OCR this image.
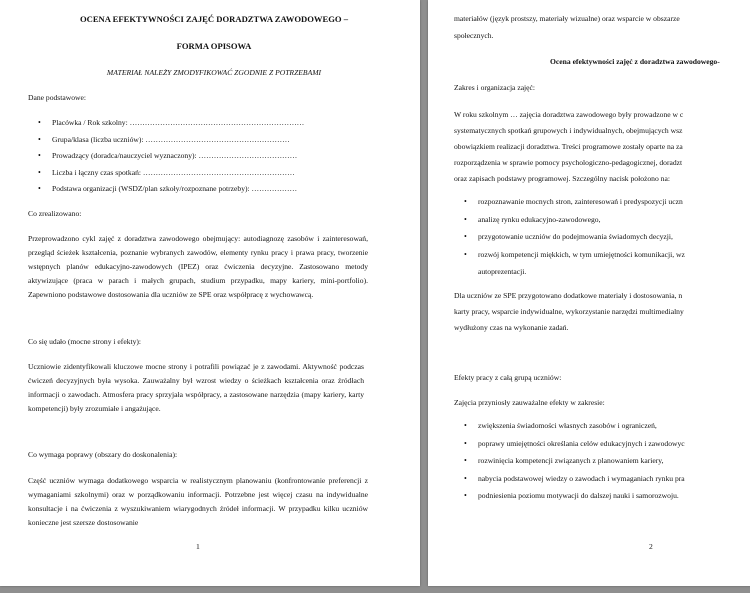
OCENA EFEKTYWNOŚCI ZAJĘĆ DORADZTWA ZAWODOWEGO –
FORMA OPISOWA
MATERIAŁ NALEŻY ZMODYFIKOWAĆ ZGODNIE Z POTRZEBAMI
Dane podstawowe:
• Placówka / Rok szkolny: ……………………………………………………………
• Grupa/klasa (liczba uczniów): …………………………………………………
• Prowadzący (doradca/nauczyciel wyznaczony): …………………………………
• Liczba i łączny czas spotkań: ……………………………………………………
• Podstawa organizacji (WSDZ/plan szkoły/rozpoznane potrzeby): ………………
Co zrealizowano:
Przeprowadzono cykl zajęć z doradztwa zawodowego obejmujący: autodiagnozę zasobów i zainteresowań, przegląd ścieżek kształcenia, poznanie wybranych zawodów, elementy rynku pracy i prawa pracy, tworzenie wstępnych planów edukacyjno-zawodowych (IPEZ) oraz ćwiczenia decyzyjne. Zastosowano metody aktywizujące (praca w parach i małych grupach, studium przypadku, mapy kariery, mini-portfolio). Zapewniono podstawowe dostosowania dla uczniów ze SPE oraz współpracę z wychowawcą.
Co się udało (mocne strony i efekty):
Uczniowie zidentyfikowali kluczowe mocne strony i potrafili powiązać je z zawodami. Aktywność podczas ćwiczeń decyzyjnych była wysoka. Zauważalny był wzrost wiedzy o ścieżkach kształcenia oraz źródłach informacji o zawodach. Atmosfera pracy sprzyjała współpracy, a zastosowane narzędzia (mapy kariery, karty kompetencji) były zrozumiałe i angażujące.
Co wymaga poprawy (obszary do doskonalenia):
Część uczniów wymaga dodatkowego wsparcia w realistycznym planowaniu (konfrontowanie preferencji z wymaganiami szkolnymi) oraz w porządkowaniu informacji. Potrzebne jest więcej czasu na indywidualne konsultacje i na ćwiczenia z wyszukiwaniem wiarygodnych źródeł informacji. W przypadku kilku uczniów konieczne jest szersze dostosowanie
1
materiałów (język prostszy, materiały wizualne) oraz wsparcie w obszarze
społecznych.
Ocena efektywności zajęć z doradztwa zawodowego-
Zakres i organizacja zajęć:
W roku szkolnym … zajęcia doradztwa zawodowego były prowadzone w c
systematycznych spotkań grupowych i indywidualnych, obejmujących wsz
obowiązkiem realizacji doradztwa. Treści programowe zostały oparte na za
rozporządzenia w sprawie pomocy psychologiczno-pedagogicznej, doradzt
oraz zapisach podstawy programowej. Szczególny nacisk położono na:
• rozpoznawanie mocnych stron, zainteresowań i predyspozycji uczn
• analizę rynku edukacyjno-zawodowego,
• przygotowanie uczniów do podejmowania świadomych decyzji,
• rozwój kompetencji miękkich, w tym umiejętności komunikacji, wz
autoprezentacji.
Dla uczniów ze SPE przygotowano dodatkowe materiały i dostosowania, n
karty pracy, wsparcie indywidualne, wykorzystanie narzędzi multimedialny
wydłużony czas na wykonanie zadań.
Efekty pracy z całą grupą uczniów:
Zajęcia przyniosły zauważalne efekty w zakresie:
• zwiększenia świadomości własnych zasobów i ograniczeń,
• poprawy umiejętności określania celów edukacyjnych i zawodowyc
• rozwinięcia kompetencji związanych z planowaniem kariery,
• nabycia podstawowej wiedzy o zawodach i wymaganiach rynku pra
• podniesienia poziomu motywacji do dalszej nauki i samorozwoju.
2
